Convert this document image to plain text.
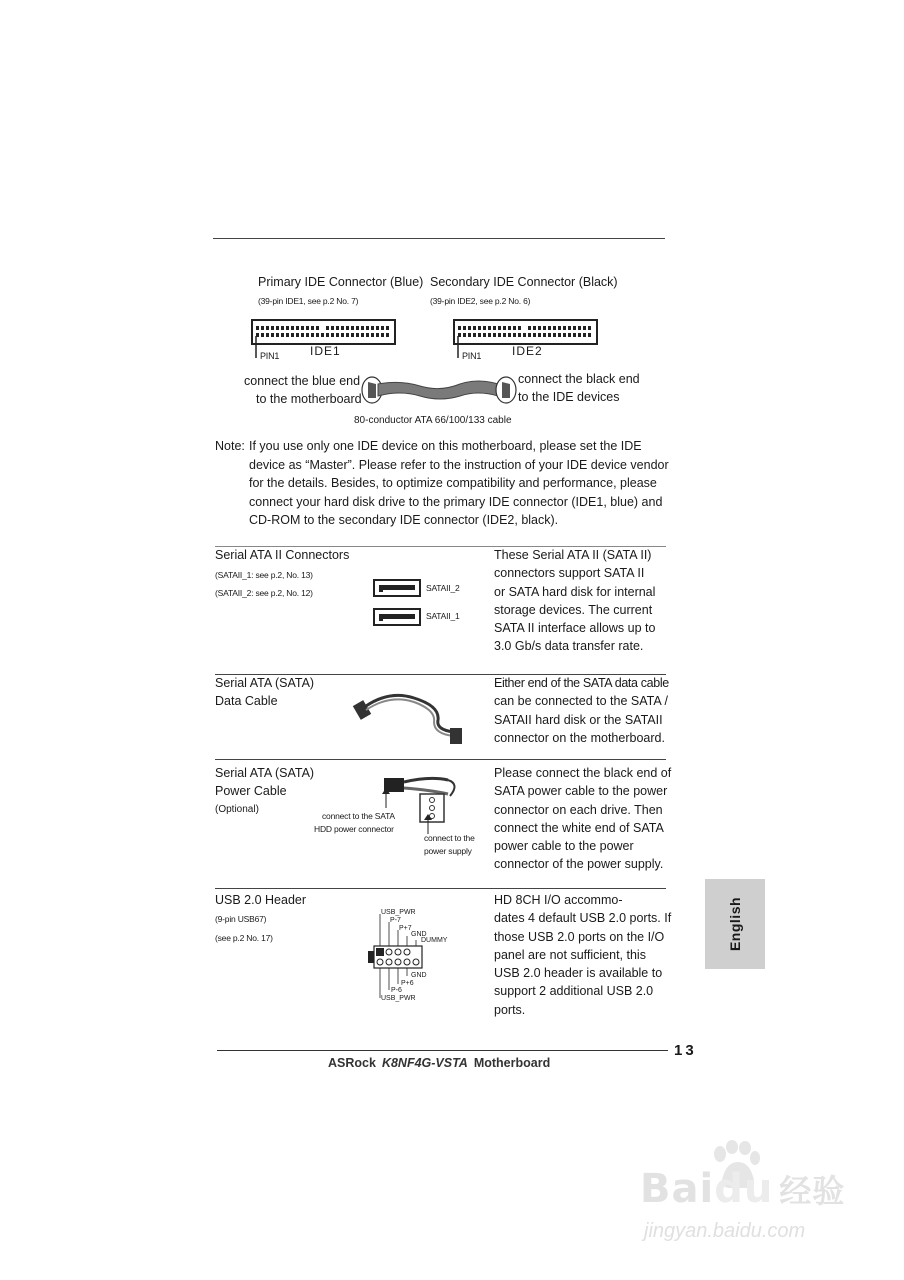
Primary IDE Connector (Blue)
(39-pin IDE1, see p.2 No. 7)
Secondary IDE Connector (Black)
(39-pin IDE2, see p.2 No. 6)
PIN1	IDE1	PIN1	IDE2
connect the blue end
to the motherboard
connect the black end
to the IDE devices
80-conductor ATA 66/100/133 cable
Note: If you use only one IDE device on this motherboard, please set the IDE
device as “Master”. Please refer to the instruction of your IDE device vendor
for the details. Besides, to optimize compatibility and performance, please
connect your hard disk drive to the primary IDE connector (IDE1, blue) and
CD-ROM to the secondary IDE connector (IDE2, black).
Serial ATA II Connectors
(SATAII_1: see p.2, No. 13)
(SATAII_2: see p.2, No. 12)	SATAII_2
SATAII_1
These Serial ATA II (SATA II)
connectors support SATA II
or SATA hard disk for internal
storage devices. The current
SATA II interface allows up to
3.0 Gb/s data transfer rate.
Serial ATA (SATA)
Data Cable
Either end of the SATA data cable
can be connected to the SATA /
SATAII hard disk or the SATAII
connector on the motherboard.
Serial ATA (SATA)
Power Cable
(Optional)
connect to the SATA
HDD power connector
connect to the
power supply
Please connect the black end of
SATA power cable to the power
connector on each drive. Then
connect the white end of SATA
power cable to the power
connector of the power supply.
USB 2.0 Header
(9-pin USB67)
(see p.2 No. 17)
USB_PWR
P-7
P+7
GND
DUMMY
GND
P+6
P-6
USB_PWR
HD 8CH I/O accommo-
dates 4 default USB 2.0 ports. If
those USB 2.0 ports on the I/O
panel are not sufficient, this
USB 2.0 header is available to
support 2 additional USB 2.0
ports.
English
13
ASRock K8NF4G-VSTA Motherboard
Baidu 经验
jingyan.baidu.com
